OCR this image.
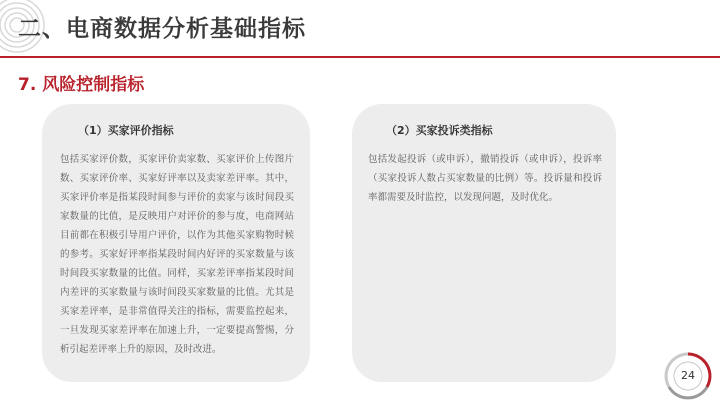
二、电商数据分析基础指标
7. 风险控制指标
（1）买家评价指标
包括买家评价数，买家评价卖家数、买家评价上传图片数、买家评价率、买家好评率以及卖家差评率。其中，买家评价率是指某段时间参与评价的卖家与该时间段买家数量的比值，是反映用户对评价的参与度，电商网站目前都在积极引导用户评价，以作为其他买家购物时候的参考。买家好评率指某段时间内好评的买家数量与该时间段买家数量的比值。同样，买家差评率指某段时间内差评的买家数量与该时间段买家数量的比值。尤其是买家差评率，是非常值得关注的指标，需要监控起来，一旦发现买家差评率在加速上升，一定要提高警惕，分析引起差评率上升的原因，及时改进。
（2）买家投诉类指标
包括发起投诉（或申诉），撤销投诉（或申诉），投诉率（买家投诉人数占买家数量的比例）等。投诉量和投诉率都需要及时监控，以发现问题，及时优化。
24
